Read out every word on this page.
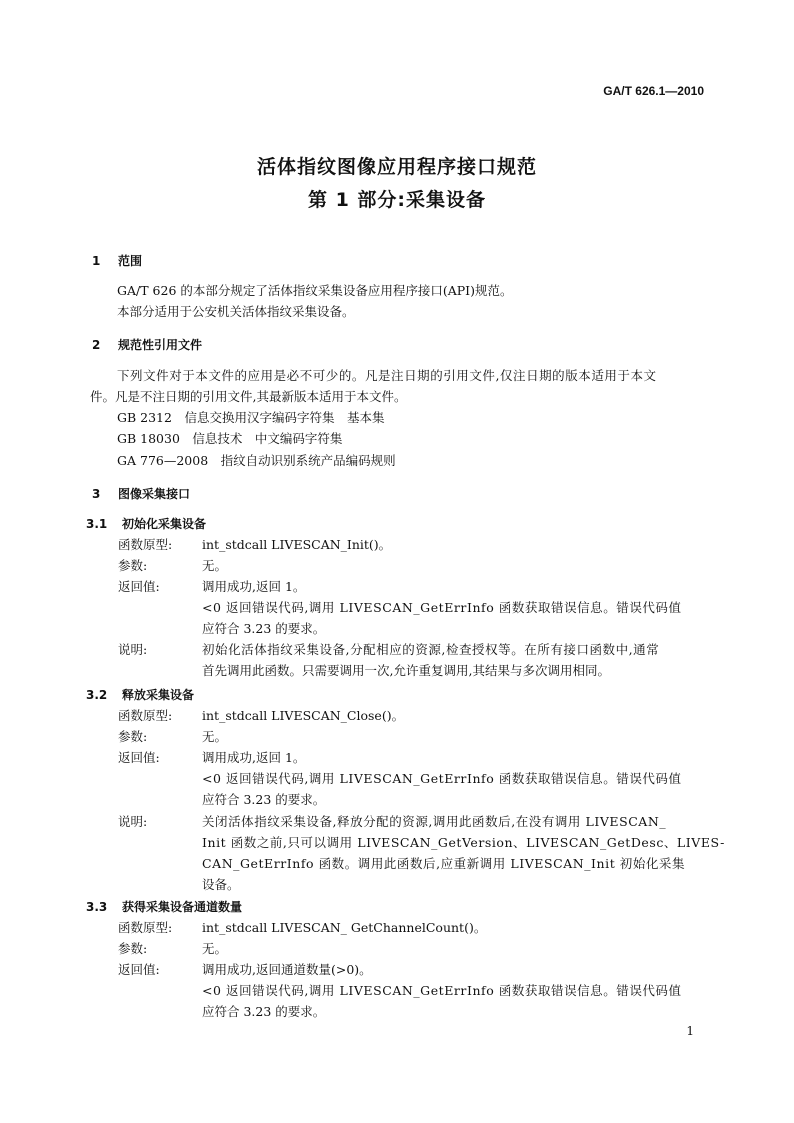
GA/T 626.1—2010
活体指纹图像应用程序接口规范
第 1 部分:采集设备
1 范围
GA/T 626 的本部分规定了活体指纹采集设备应用程序接口(API)规范。
本部分适用于公安机关活体指纹采集设备。
2 规范性引用文件
下列文件对于本文件的应用是必不可少的。凡是注日期的引用文件,仅注日期的版本适用于本文
件。凡是不注日期的引用文件,其最新版本适用于本文件。
GB 2312　信息交换用汉字编码字符集　基本集
GB 18030　信息技术　中文编码字符集
GA 776—2008　指纹自动识别系统产品编码规则
3 图像采集接口
3.1 初始化采集设备
函数原型: int_stdcall LIVESCAN_Init()。
参数:	无。
返回值:	调用成功,返回 1。
<0 返回错误代码,调用 LIVESCAN_GetErrInfo 函数获取错误信息。错误代码值
应符合 3.23 的要求。
说明:	初始化活体指纹采集设备,分配相应的资源,检查授权等。在所有接口函数中,通常
首先调用此函数。只需要调用一次,允许重复调用,其结果与多次调用相同。
3.2 释放采集设备
函数原型: int_stdcall LIVESCAN_Close()。
参数:	无。
返回值:	调用成功,返回 1。
<0 返回错误代码,调用 LIVESCAN_GetErrInfo 函数获取错误信息。错误代码值
应符合 3.23 的要求。
说明:	关闭活体指纹采集设备,释放分配的资源,调用此函数后,在没有调用 LIVESCAN_
Init 函数之前,只可以调用 LIVESCAN_GetVersion、LIVESCAN_GetDesc、LIVES-
CAN_GetErrInfo 函数。调用此函数后,应重新调用 LIVESCAN_Init 初始化采集
设备。
3.3 获得采集设备通道数量
函数原型: int_stdcall LIVESCAN_ GetChannelCount()。
参数:	无。
返回值:	调用成功,返回通道数量(>0)。
<0 返回错误代码,调用 LIVESCAN_GetErrInfo 函数获取错误信息。错误代码值
应符合 3.23 的要求。
1
